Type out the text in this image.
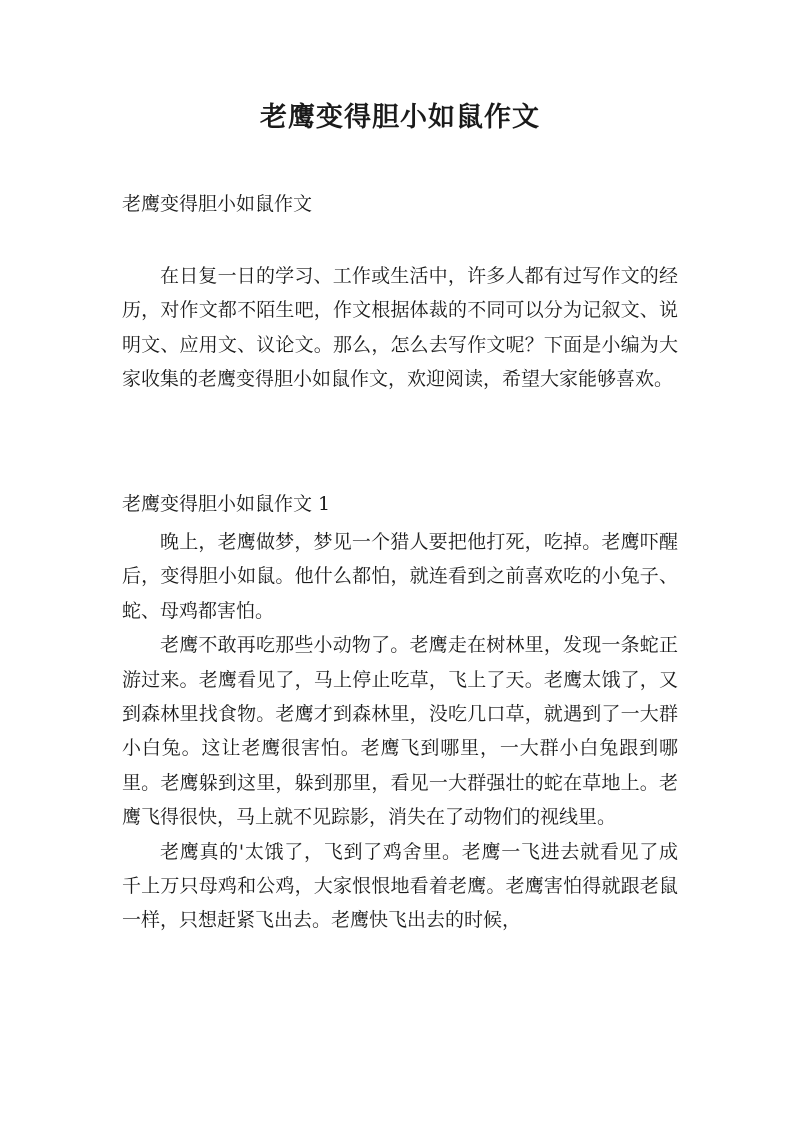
老鹰变得胆小如鼠作文
老鹰变得胆小如鼠作文

在日复一日的学习、工作或生活中，许多人都有过写作文的经历，对作文都不陌生吧，作文根据体裁的不同可以分为记叙文、说明文、应用文、议论文。那么，怎么去写作文呢？下面是小编为大家收集的老鹰变得胆小如鼠作文，欢迎阅读，希望大家能够喜欢。

老鹰变得胆小如鼠作文 1

晚上，老鹰做梦，梦见一个猎人要把他打死，吃掉。老鹰吓醒后，变得胆小如鼠。他什么都怕，就连看到之前喜欢吃的小兔子、蛇、母鸡都害怕。

老鹰不敢再吃那些小动物了。老鹰走在树林里，发现一条蛇正游过来。老鹰看见了，马上停止吃草，飞上了天。老鹰太饿了，又到森林里找食物。老鹰才到森林里，没吃几口草，就遇到了一大群小白兔。这让老鹰很害怕。老鹰飞到哪里，一大群小白兔跟到哪里。老鹰躲到这里，躲到那里，看见一大群强壮的蛇在草地上。老鹰飞得很快，马上就不见踪影，消失在了动物们的视线里。

老鹰真的'太饿了，飞到了鸡舍里。老鹰一飞进去就看见了成千上万只母鸡和公鸡，大家恨恨地看着老鹰。老鹰害怕得就跟老鼠一样，只想赶紧飞出去。老鹰快飞出去的时候，
